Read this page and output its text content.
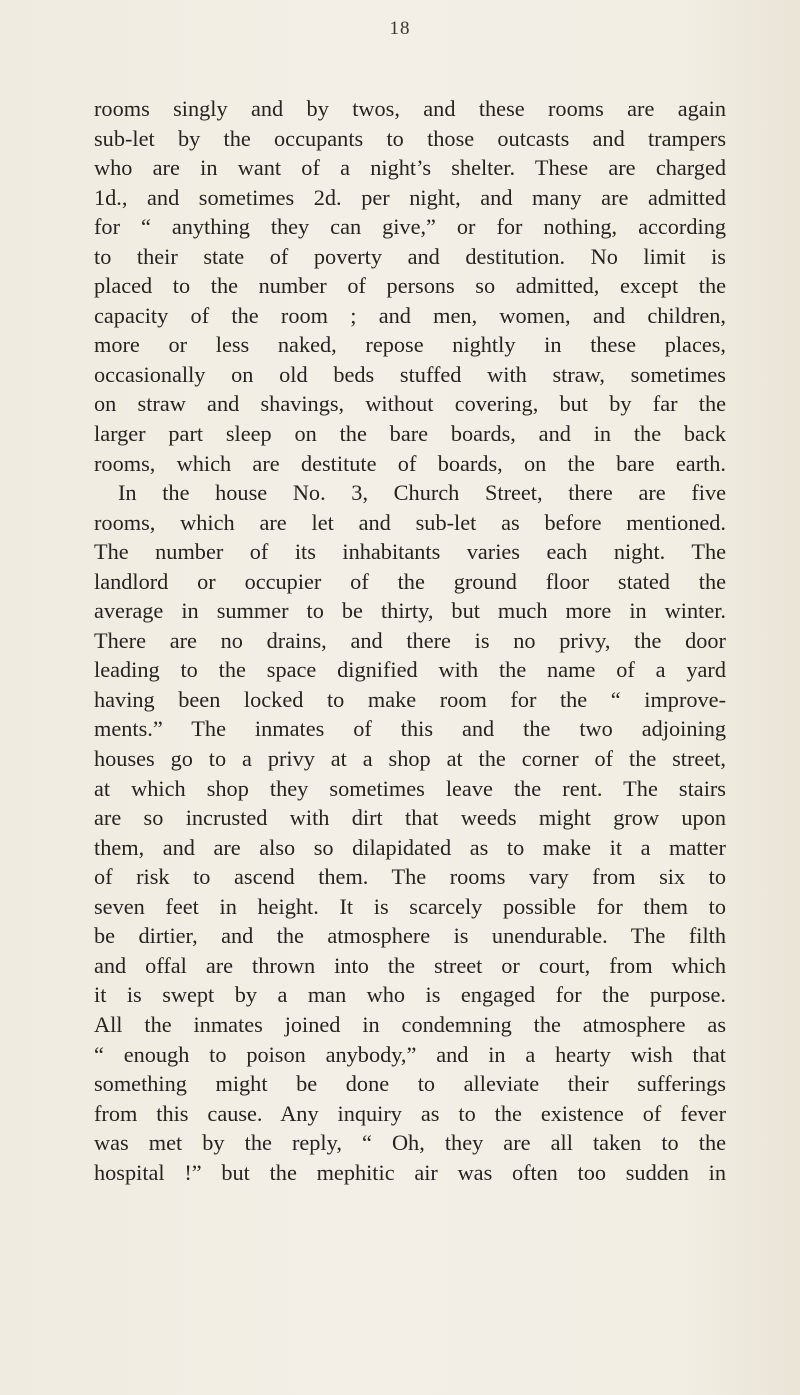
18
rooms singly and by twos, and these rooms are again
sub-let by the occupants to those outcasts and trampers
who are in want of a night’s shelter. These are charged
1d., and sometimes 2d. per night, and many are admitted
for “ anything they can give,” or for nothing, according
to their state of poverty and destitution. No limit is
placed to the number of persons so admitted, except the
capacity of the room ; and men, women, and children,
more or less naked, repose nightly in these places,
occasionally on old beds stuffed with straw, sometimes
on straw and shavings, without covering, but by far the
larger part sleep on the bare boards, and in the back
rooms, which are destitute of boards, on the bare earth.
In the house No. 3, Church Street, there are five
rooms, which are let and sub-let as before mentioned.
The number of its inhabitants varies each night. The
landlord or occupier of the ground floor stated the
average in summer to be thirty, but much more in winter.
There are no drains, and there is no privy, the door
leading to the space dignified with the name of a yard
having been locked to make room for the “ improve-
ments.” The inmates of this and the two adjoining
houses go to a privy at a shop at the corner of the street,
at which shop they sometimes leave the rent. The stairs
are so incrusted with dirt that weeds might grow upon
them, and are also so dilapidated as to make it a matter
of risk to ascend them. The rooms vary from six to
seven feet in height. It is scarcely possible for them to
be dirtier, and the atmosphere is unendurable. The filth
and offal are thrown into the street or court, from which
it is swept by a man who is engaged for the purpose.
All the inmates joined in condemning the atmosphere as
“ enough to poison anybody,” and in a hearty wish that
something might be done to alleviate their sufferings
from this cause. Any inquiry as to the existence of fever
was met by the reply, “ Oh, they are all taken to the
hospital !” but the mephitic air was often too sudden in
